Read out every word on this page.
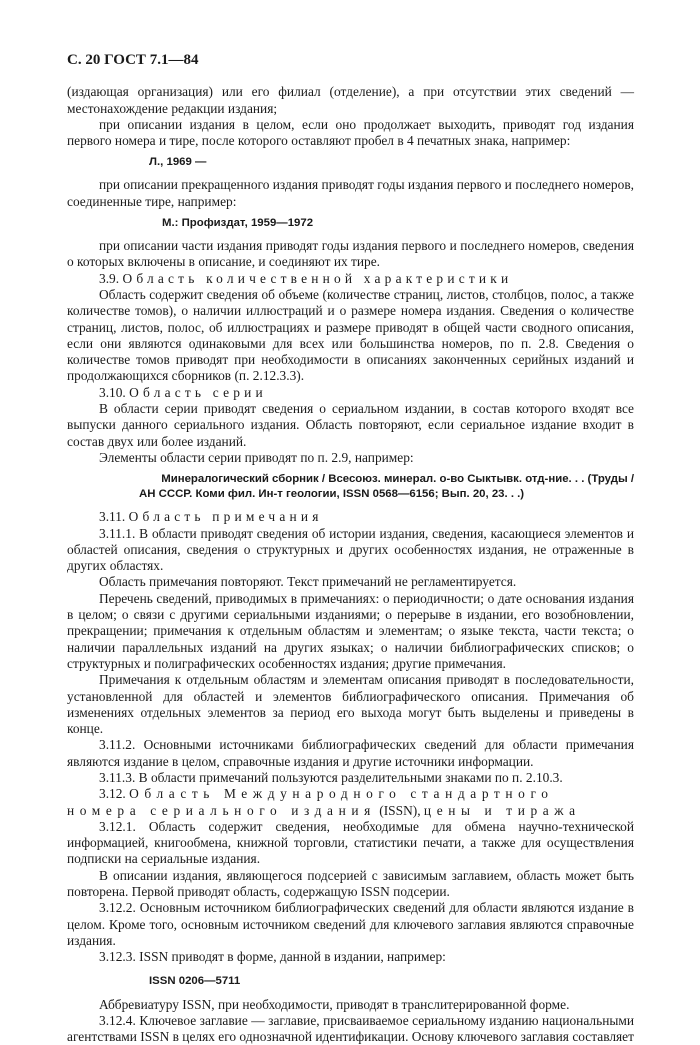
С. 20 ГОСТ 7.1—84

(издающая организация) или его филиал (отделение), а при отсутствии этих сведений — местонахождение редакции издания;

при описании издания в целом, если оно продолжает выходить, приводят год издания первого номера и тире, после которого оставляют пробел в 4 печатных знака, например:

Л., 1969 —

при описании прекращенного издания приводят годы издания первого и последнего номеров, соединенные тире, например:

М.: Профиздат, 1959—1972

при описании части издания приводят годы издания первого и последнего номеров, сведения о которых включены в описание, и соединяют их тире.

3.9. Область количественной характеристики

Область содержит сведения об объеме (количестве страниц, листов, столбцов, полос, а также количестве томов), о наличии иллюстраций и о размере номера издания. Сведения о количестве страниц, листов, полос, об иллюстрациях и размере приводят в общей части сводного описания, если они являются одинаковыми для всех или большинства номеров, по п. 2.8. Сведения о количестве томов приводят при необходимости в описаниях законченных серийных изданий и продолжающихся сборников (п. 2.12.3.3).

3.10. Область серии

В области серии приводят сведения о сериальном издании, в состав которого входят все выпуски данного сериального издания. Область повторяют, если сериальное издание входит в состав двух или более изданий.

Элементы области серии приводят по п. 2.9, например:

Минералогический сборник / Всесоюз. минерал. о-во Сыктывк. отд-ние. . . (Труды /
АН СССР. Коми фил. Ин-т геологии, ISSN 0568—6156; Вып. 20, 23. . .)

3.11. Область примечания

3.11.1. В области приводят сведения об истории издания, сведения, касающиеся элементов и областей описания, сведения о структурных и других особенностях издания, не отраженные в других областях.

Область примечания повторяют. Текст примечаний не регламентируется.

Перечень сведений, приводимых в примечаниях: о периодичности; о дате основания издания в целом; о связи с другими сериальными изданиями; о перерыве в издании, его возобновлении, прекращении; примечания к отдельным областям и элементам; о языке текста, части текста; о наличии параллельных изданий на других языках; о наличии библиографических списков; о структурных и полиграфических особенностях издания; другие примечания.

Примечания к отдельным областям и элементам описания приводят в последовательности, установленной для областей и элементов библиографического описания. Примечания об изменениях отдельных элементов за период его выхода могут быть выделены и приведены в конце.

3.11.2. Основными источниками библиографических сведений для области примечания являются издание в целом, справочные издания и другие источники информации.

3.11.3. В области примечаний пользуются разделительными знаками по п. 2.10.3.

3.12. Область Международного стандартного номера сериального издания (ISSN), цены и тиража

3.12.1. Область содержит сведения, необходимые для обмена научно-технической информацией, книгообмена, книжной торговли, статистики печати, а также для осуществления подписки на сериальные издания.

В описании издания, являющегося подсерией с зависимым заглавием, область может быть повторена. Первой приводят область, содержащую ISSN подсерии.

3.12.2. Основным источником библиографических сведений для области являются издание в целом. Кроме того, основным источником сведений для ключевого заглавия являются справочные издания.

3.12.3. ISSN приводят в форме, данной в издании, например:

ISSN 0206—5711

Аббревиатуру ISSN, при необходимости, приводят в транслитерированной форме.

3.12.4. Ключевое заглавие — заглавие, присваиваемое сериальному изданию национальными агентствами ISSN в целях его однозначной идентификации. Основу ключевого заглавия составляет
